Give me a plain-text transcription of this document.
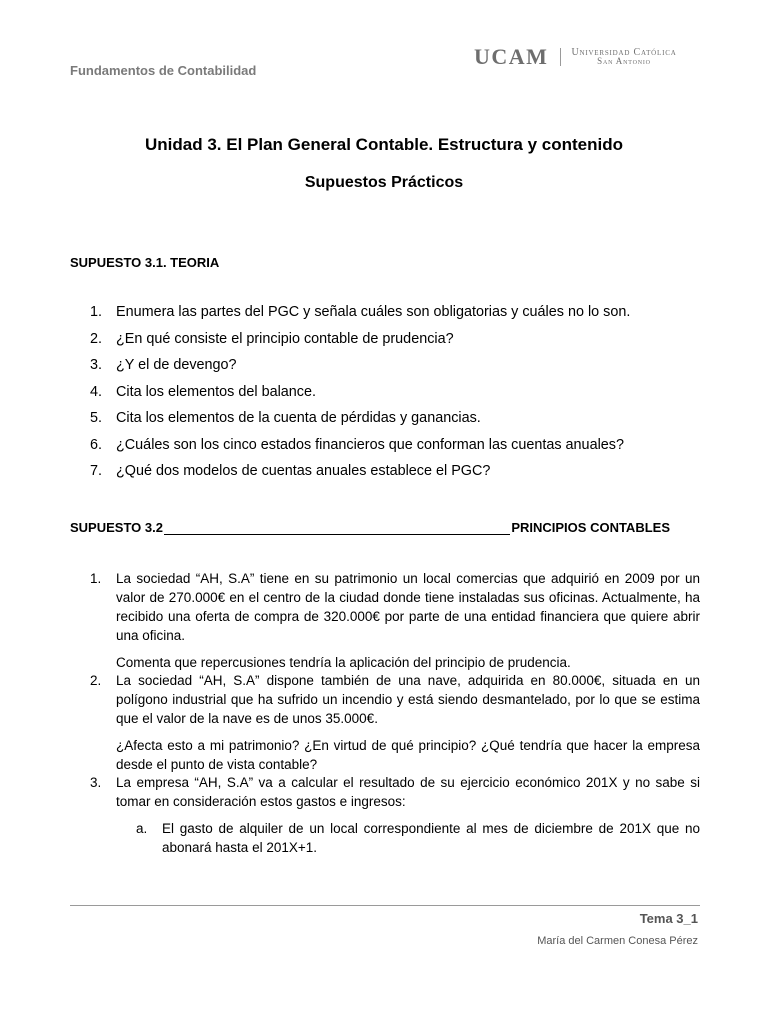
Fundamentos de Contabilidad
UCAM Universidad Católica
San Antonio
Unidad 3. El Plan General Contable. Estructura y contenido
Supuestos Prácticos
SUPUESTO 3.1. TEORIA
1. Enumera las partes del PGC y señala cuáles son obligatorias y cuáles no lo son.
2. ¿En qué consiste el principio contable de prudencia?
3. ¿Y el de devengo?
4. Cita los elementos del balance.
5. Cita los elementos de la cuenta de pérdidas y ganancias.
6. ¿Cuáles son los cinco estados financieros que conforman las cuentas anuales?
7. ¿Qué dos modelos de cuentas anuales establece el PGC?
SUPUESTO 3.2	PRINCIPIOS CONTABLES
1.	La sociedad “AH, S.A” tiene en su patrimonio un local comercias que adquirió en 2009 por un valor de 270.000€ en el centro de la ciudad donde tiene instaladas sus oficinas. Actualmente, ha recibido una oferta de compra de 320.000€ por parte de una entidad financiera que quiere abrir una oficina.

Comenta que repercusiones tendría la aplicación del principio de prudencia.

2.	La sociedad “AH, S.A” dispone también de una nave, adquirida en 80.000€, situada en un polígono industrial que ha sufrido un incendio y está siendo desmantelado, por lo que se estima que el valor de la nave es de unos 35.000€.

¿Afecta esto a mi patrimonio? ¿En virtud de qué principio? ¿Qué tendría que hacer la empresa desde el punto de vista contable?

3.	La empresa “AH, S.A” va a calcular el resultado de su ejercicio económico 201X y no sabe si tomar en consideración estos gastos e ingresos:

a.	El gasto de alquiler de un local correspondiente al mes de diciembre de 201X que no abonará hasta el 201X+1.
Tema 3_1
María del Carmen Conesa Pérez
